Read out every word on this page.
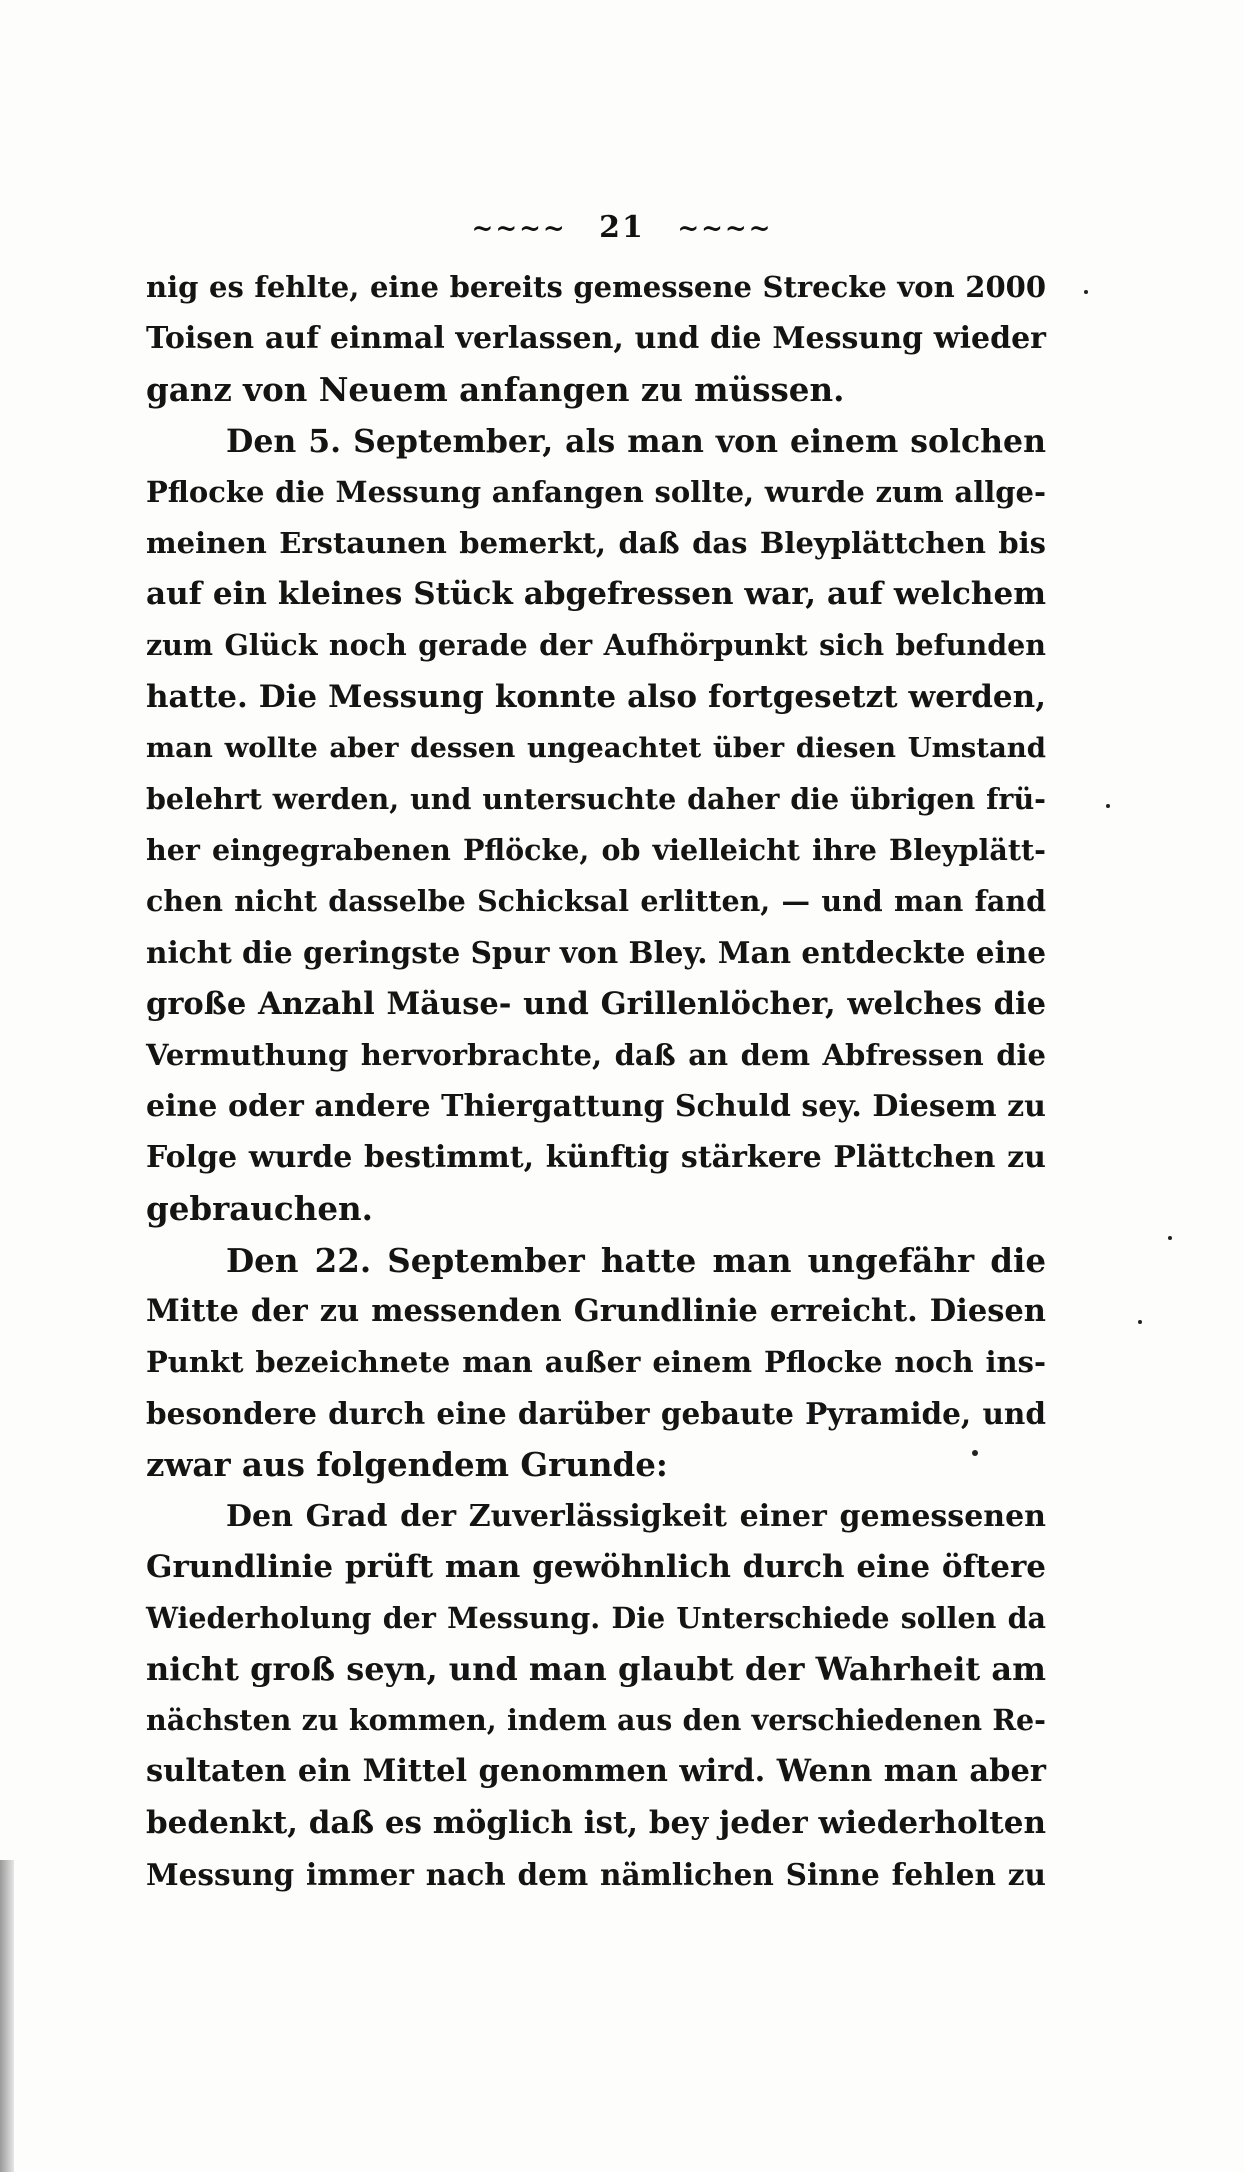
~~~~ 21 ~~~~
nig es fehlte, eine bereits gemessene Strecke von 2000
Toisen auf einmal verlassen, und die Messung wieder
ganz von Neuem anfangen zu müssen.
Den 5. September, als man von einem solchen
Pflocke die Messung anfangen sollte, wurde zum allge-
meinen Erstaunen bemerkt, daß das Bleyplättchen bis
auf ein kleines Stück abgefressen war, auf welchem
zum Glück noch gerade der Aufhörpunkt sich befunden
hatte. Die Messung konnte also fortgesetzt werden,
man wollte aber dessen ungeachtet über diesen Umstand
belehrt werden, und untersuchte daher die übrigen frü-
her eingegrabenen Pflöcke, ob vielleicht ihre Bleyplätt-
chen nicht dasselbe Schicksal erlitten, — und man fand
nicht die geringste Spur von Bley. Man entdeckte eine
große Anzahl Mäuse- und Grillenlöcher, welches die
Vermuthung hervorbrachte, daß an dem Abfressen die
eine oder andere Thiergattung Schuld sey. Diesem zu
Folge wurde bestimmt, künftig stärkere Plättchen zu
gebrauchen.
Den 22. September hatte man ungefähr die
Mitte der zu messenden Grundlinie erreicht. Diesen
Punkt bezeichnete man außer einem Pflocke noch ins-
besondere durch eine darüber gebaute Pyramide, und
zwar aus folgendem Grunde:
Den Grad der Zuverlässigkeit einer gemessenen
Grundlinie prüft man gewöhnlich durch eine öftere
Wiederholung der Messung. Die Unterschiede sollen da
nicht groß seyn, und man glaubt der Wahrheit am
nächsten zu kommen, indem aus den verschiedenen Re-
sultaten ein Mittel genommen wird. Wenn man aber
bedenkt, daß es möglich ist, bey jeder wiederholten
Messung immer nach dem nämlichen Sinne fehlen zu
